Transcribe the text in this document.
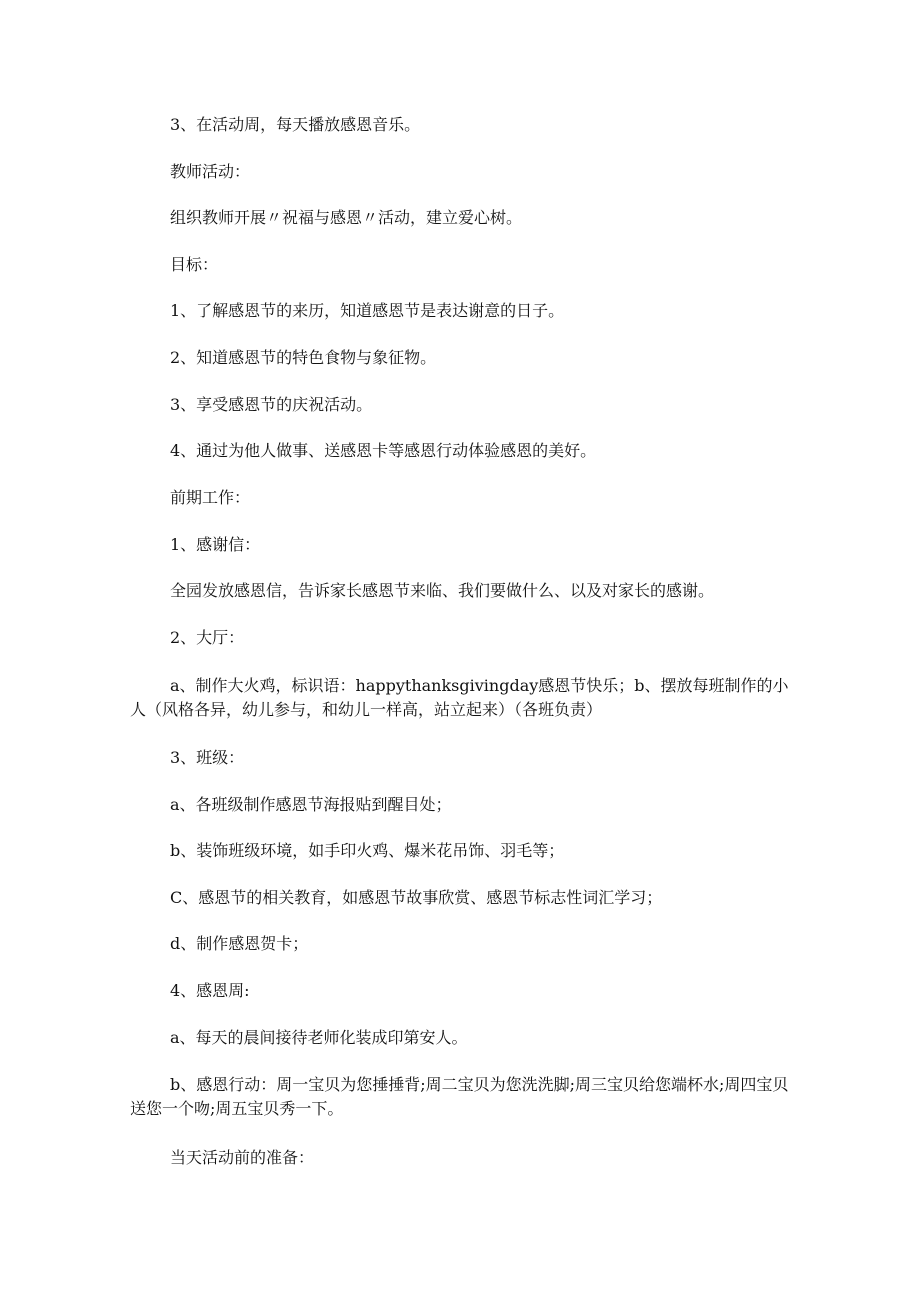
3、在活动周，每天播放感恩音乐。

教师活动：

组织教师开展〃祝福与感恩〃活动，建立爱心树。

目标：

1、了解感恩节的来历，知道感恩节是表达谢意的日子。

2、知道感恩节的特色食物与象征物。

3、享受感恩节的庆祝活动。

4、通过为他人做事、送感恩卡等感恩行动体验感恩的美好。

前期工作：

1、感谢信：

全园发放感恩信，告诉家长感恩节来临、我们要做什么、以及对家长的感谢。

2、大厅：

a、制作大火鸡，标识语：happythanksgivingday感恩节快乐；b、摆放每班制作的小人（风格各异，幼儿参与，和幼儿一样高，站立起来）（各班负责）

3、班级：

a、各班级制作感恩节海报贴到醒目处；

b、装饰班级环境，如手印火鸡、爆米花吊饰、羽毛等；

C、感恩节的相关教育，如感恩节故事欣赏、感恩节标志性词汇学习；

d、制作感恩贺卡；

4、感恩周:

a、每天的晨间接待老师化装成印第安人。

b、感恩行动：周一宝贝为您捶捶背;周二宝贝为您洗洗脚;周三宝贝给您端杯水;周四宝贝送您一个吻;周五宝贝秀一下。

当天活动前的准备：
